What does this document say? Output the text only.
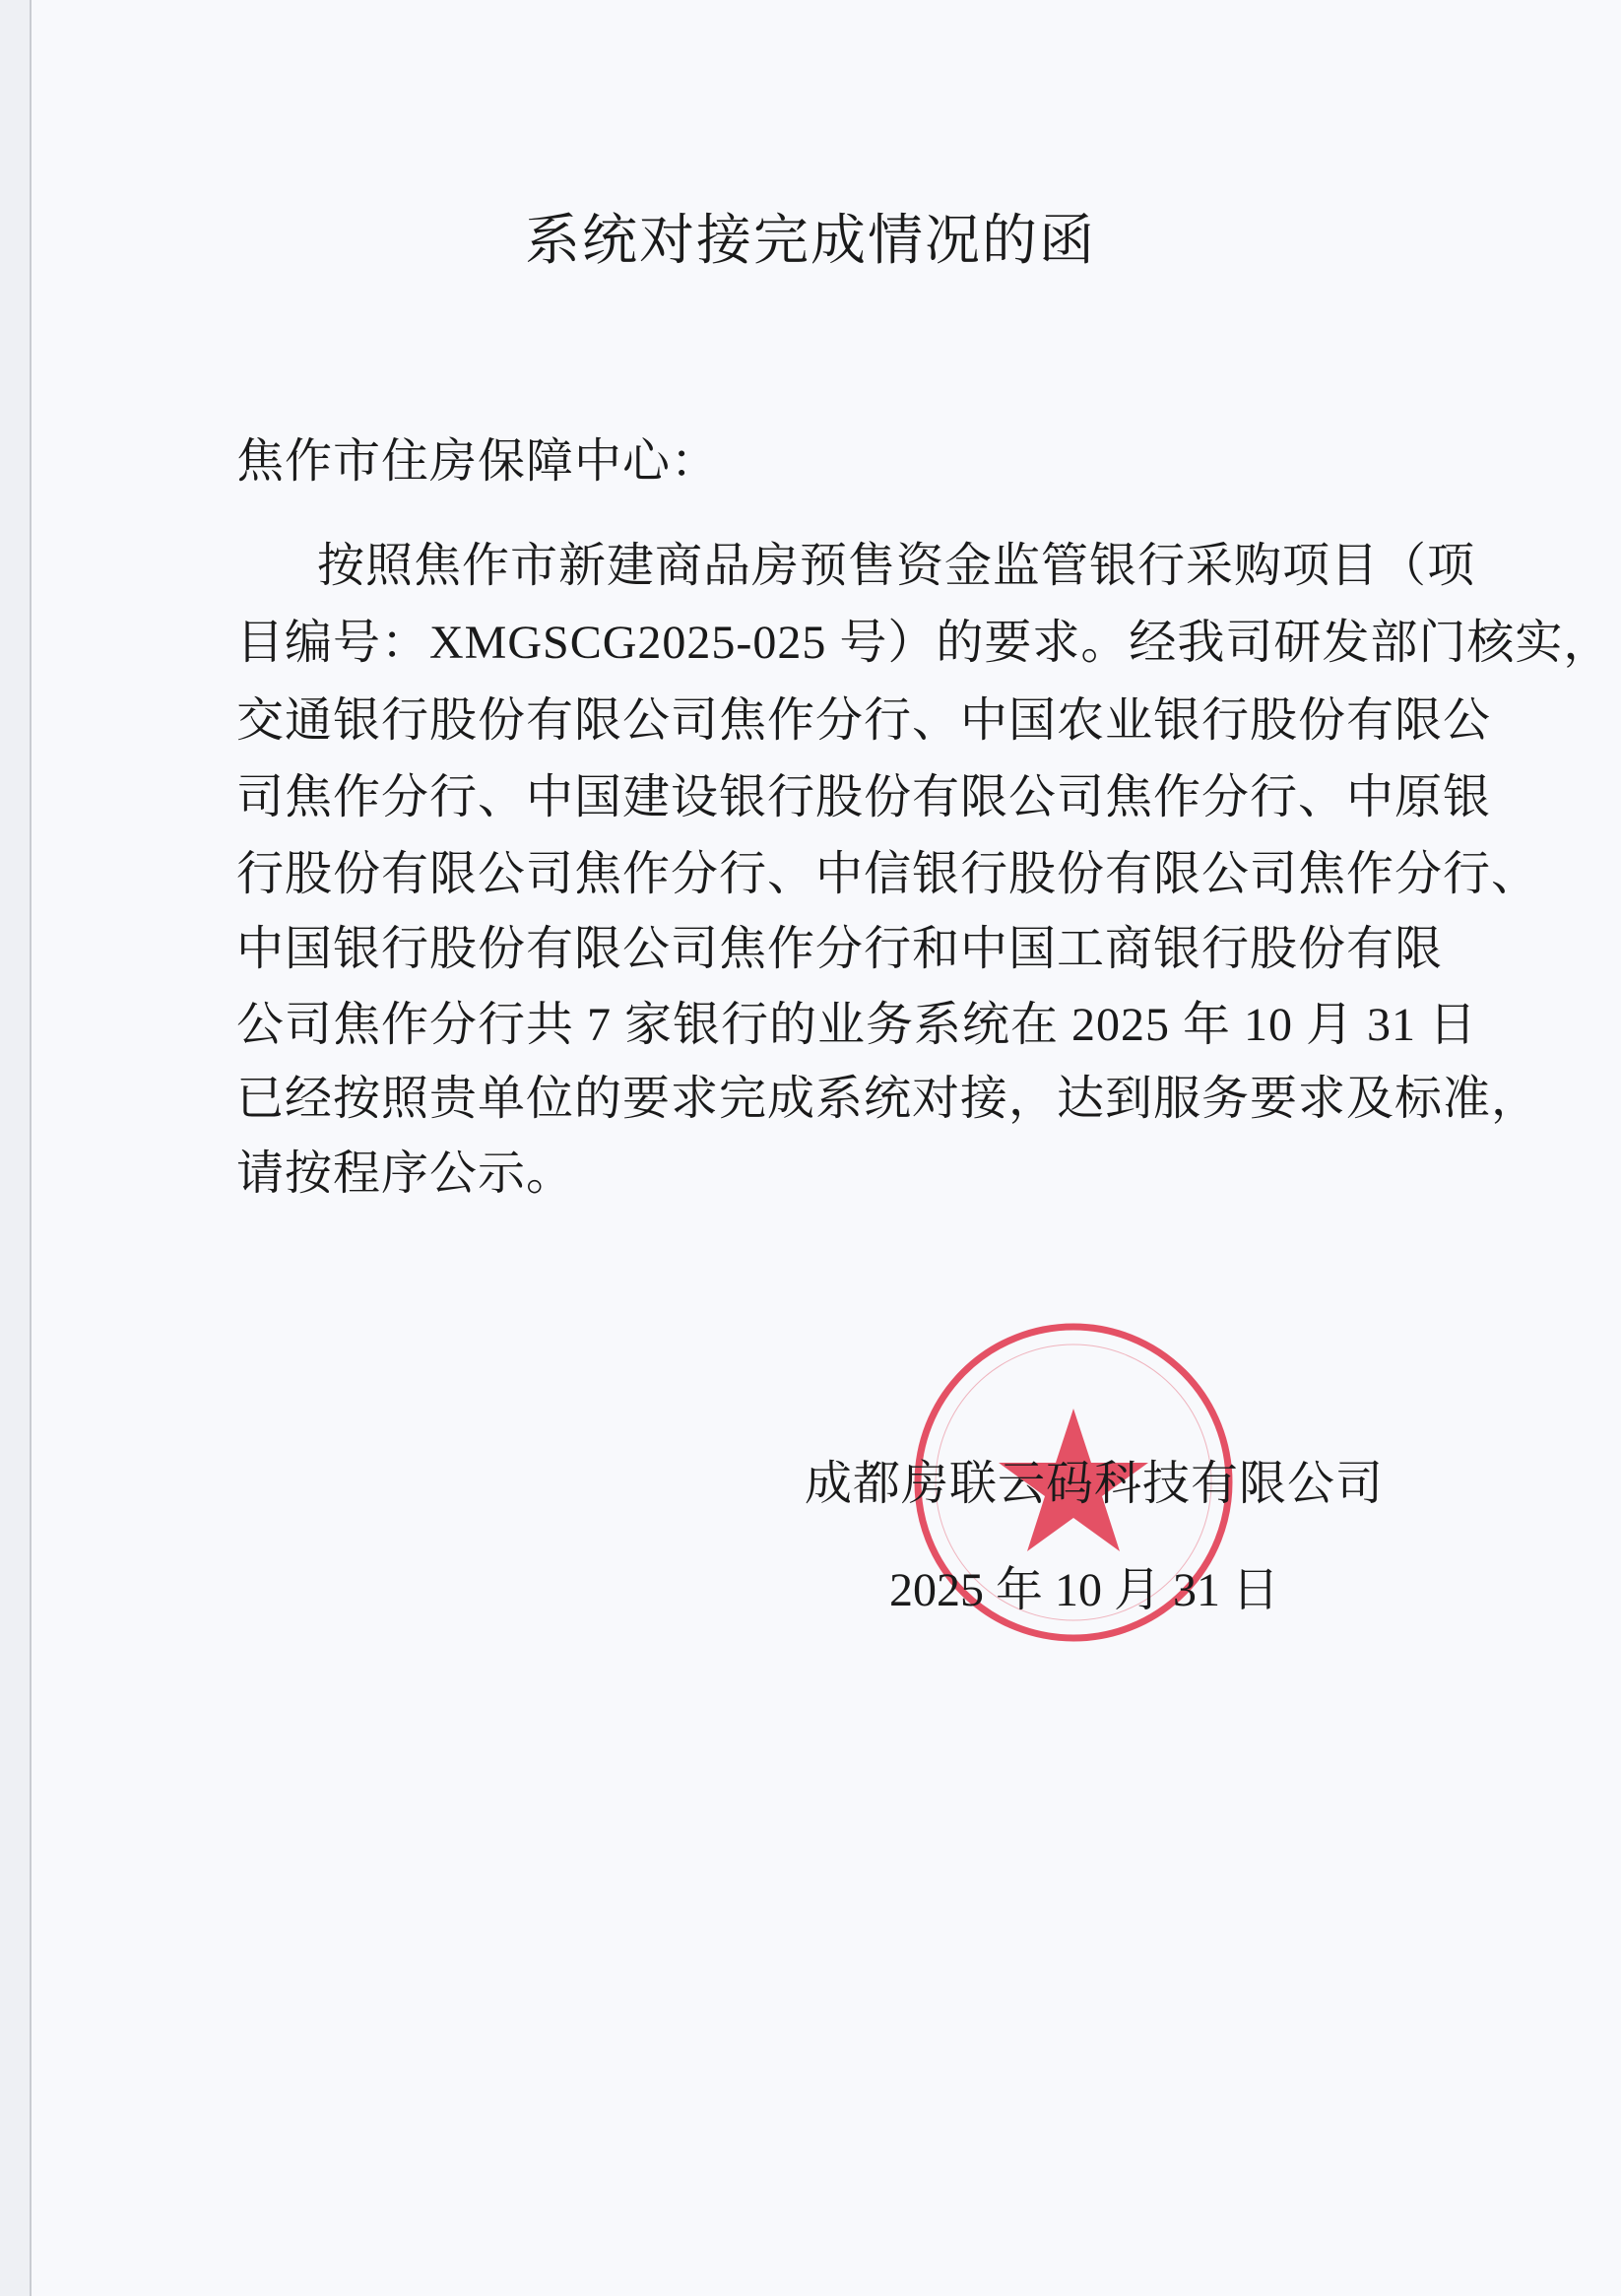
系统对接完成情况的函
焦作市住房保障中心：
按照焦作市新建商品房预售资金监管银行采购项目（项
目编号：XMGSCG2025-025 号）的要求。经我司研发部门核实，
交通银行股份有限公司焦作分行、中国农业银行股份有限公
司焦作分行、中国建设银行股份有限公司焦作分行、中原银
行股份有限公司焦作分行、中信银行股份有限公司焦作分行、
中国银行股份有限公司焦作分行和中国工商银行股份有限
公司焦作分行共 7 家银行的业务系统在 2025 年 10 月 31 日
已经按照贵单位的要求完成系统对接，达到服务要求及标准，
请按程序公示。
成都房联云码科技有限公司
2025 年 10 月 31 日
